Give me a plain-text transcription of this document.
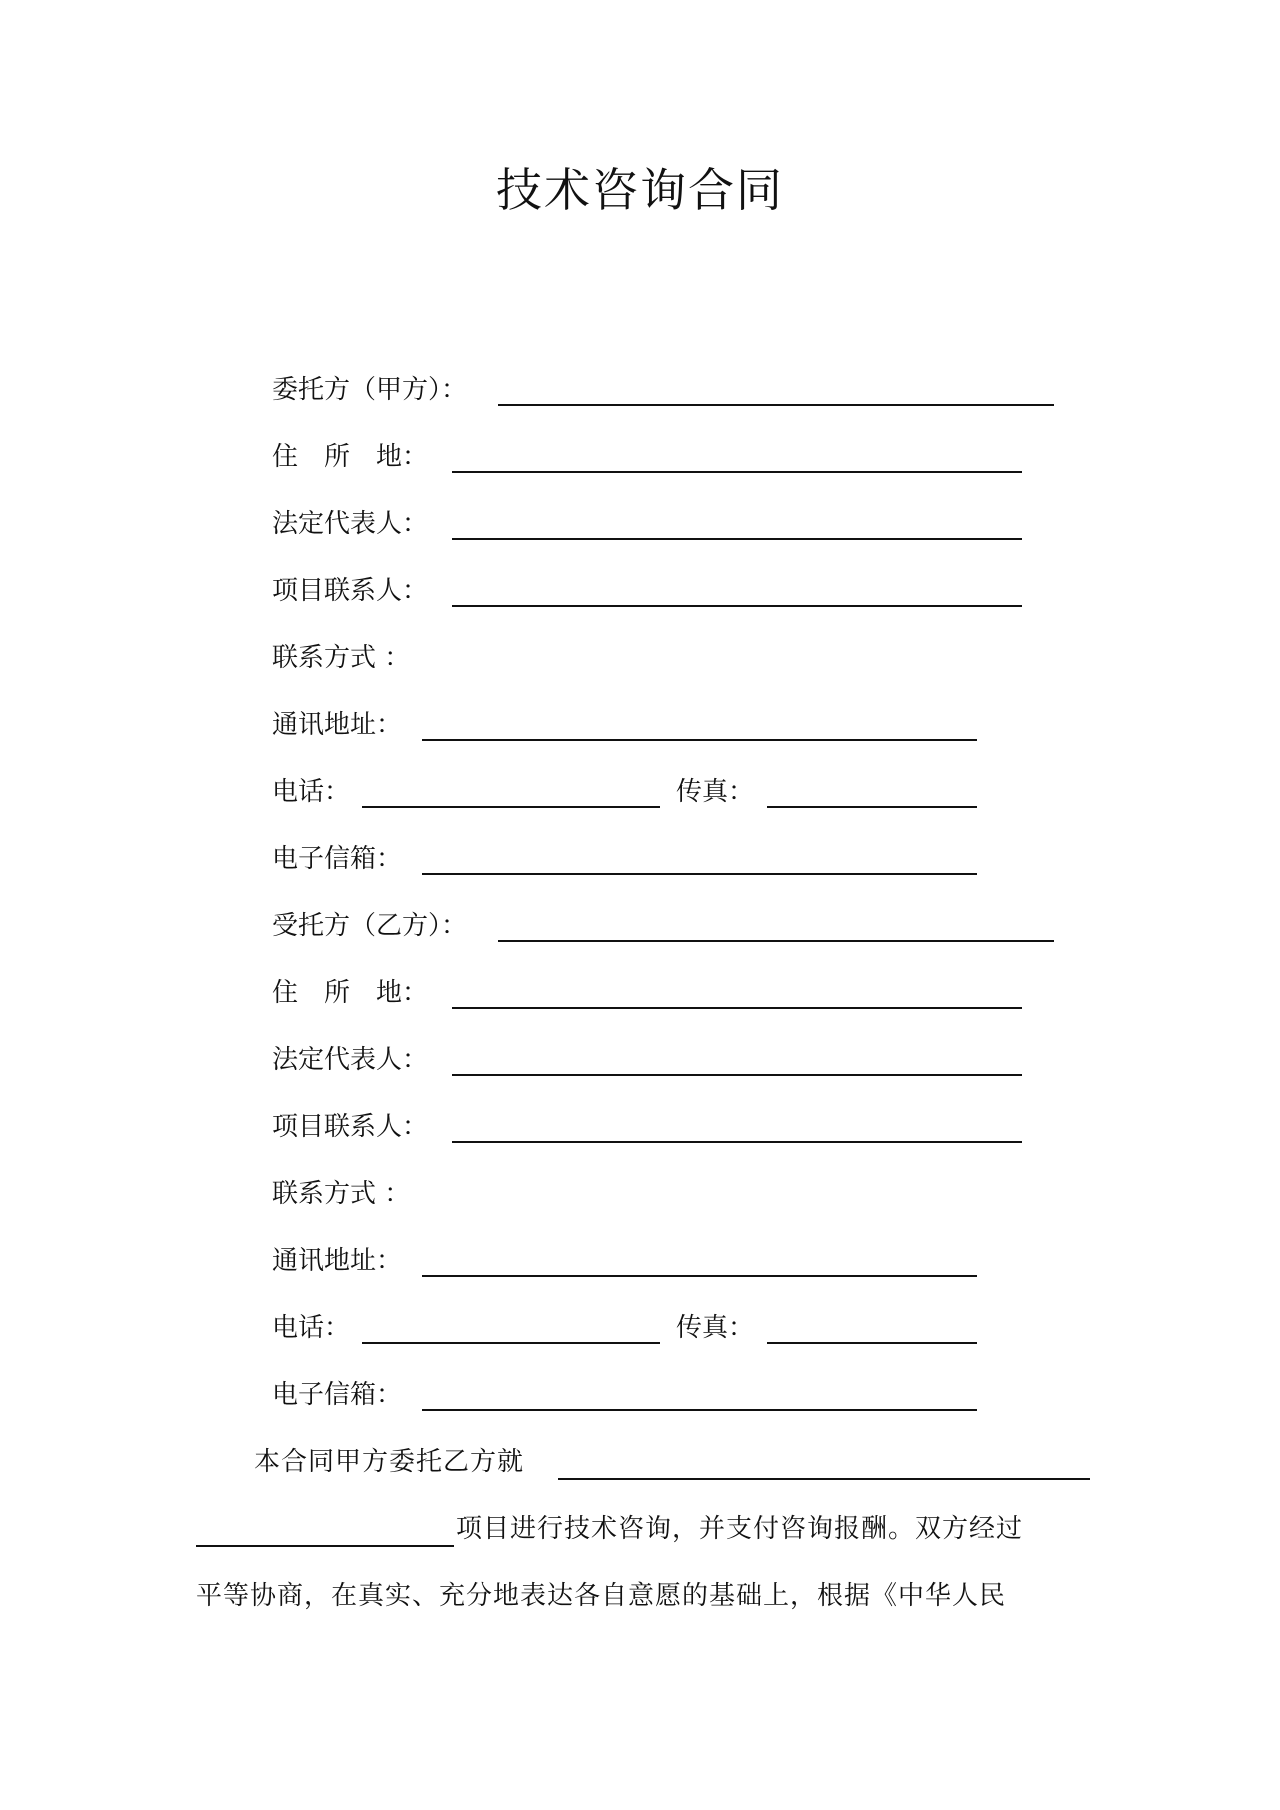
技术咨询合同
委托方（甲方）：
住　所　地：
法定代表人：
项目联系人：
联系方式 ：
通讯地址：
电话：	传真：
电子信箱：
受托方（乙方）：
住　所　地：
法定代表人：
项目联系人：
联系方式 ：
通讯地址：
电话：	传真：
电子信箱：
本合同甲方委托乙方就
项目进行技术咨询，并支付咨询报酬。双方经过
平等协商，在真实、充分地表达各自意愿的基础上，根据《中华人民
